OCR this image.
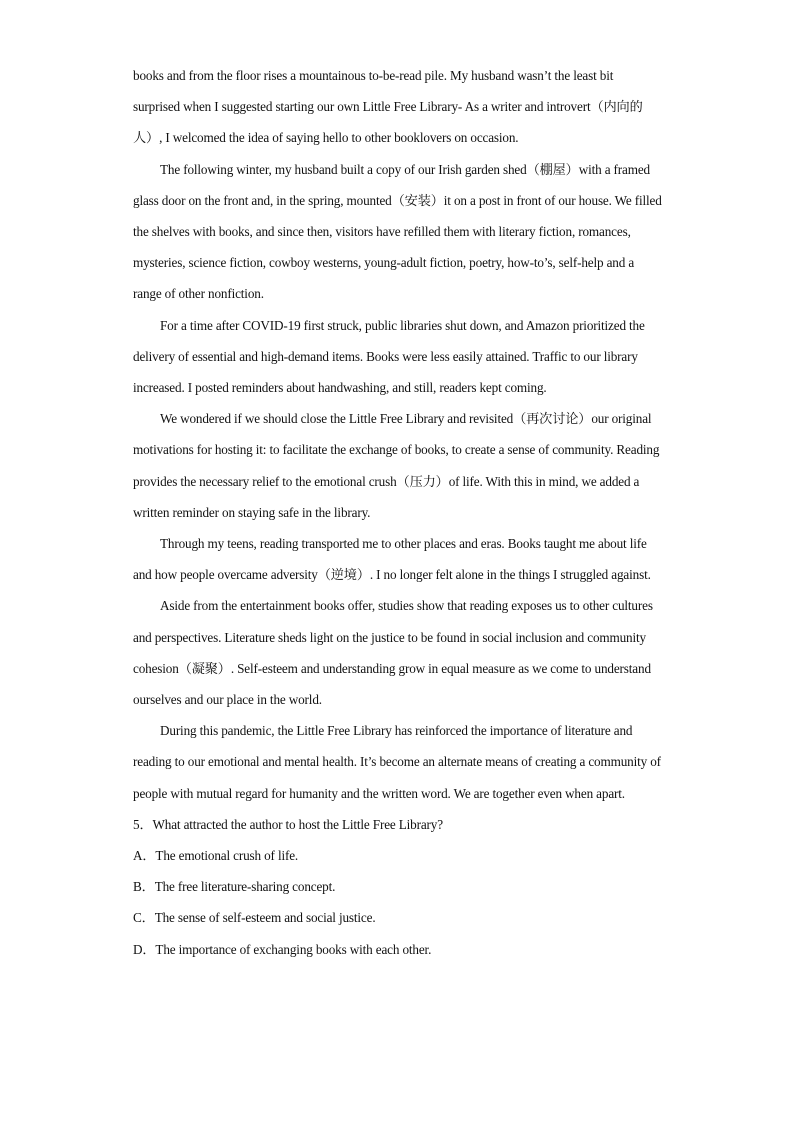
books and from the floor rises a mountainous to-be-read pile. My husband wasn’t the least bit surprised when I suggested starting our own Little Free Library- As a writer and introvert（内向的人）, I welcomed the idea of saying hello to other booklovers on occasion.

The following winter, my husband built a copy of our Irish garden shed（棚屋）with a framed glass door on the front and, in the spring, mounted（安装）it on a post in front of our house. We filled the shelves with books, and since then, visitors have refilled them with literary fiction, romances, mysteries, science fiction, cowboy westerns, young-adult fiction, poetry, how-to’s, self-help and a range of other nonfiction.

For a time after COVID-19 first struck, public libraries shut down, and Amazon prioritized the delivery of essential and high-demand items. Books were less easily attained. Traffic to our library increased. I posted reminders about handwashing, and still, readers kept coming.

We wondered if we should close the Little Free Library and revisited（再次讨论）our original motivations for hosting it: to facilitate the exchange of books, to create a sense of community. Reading provides the necessary relief to the emotional crush（压力）of life. With this in mind, we added a written reminder on staying safe in the library.

Through my teens, reading transported me to other places and eras. Books taught me about life and how people overcame adversity（逆境）. I no longer felt alone in the things I struggled against.

Aside from the entertainment books offer, studies show that reading exposes us to other cultures and perspectives. Literature sheds light on the justice to be found in social inclusion and community cohesion（凝聚）. Self-esteem and understanding grow in equal measure as we come to understand ourselves and our place in the world.

During this pandemic, the Little Free Library has reinforced the importance of literature and reading to our emotional and mental health. It’s become an alternate means of creating a community of people with mutual regard for humanity and the written word. We are together even when apart.

5．What attracted the author to host the Little Free Library?

A．The emotional crush of life.

B．The free literature-sharing concept.

C．The sense of self-esteem and social justice.

D．The importance of exchanging books with each other.
